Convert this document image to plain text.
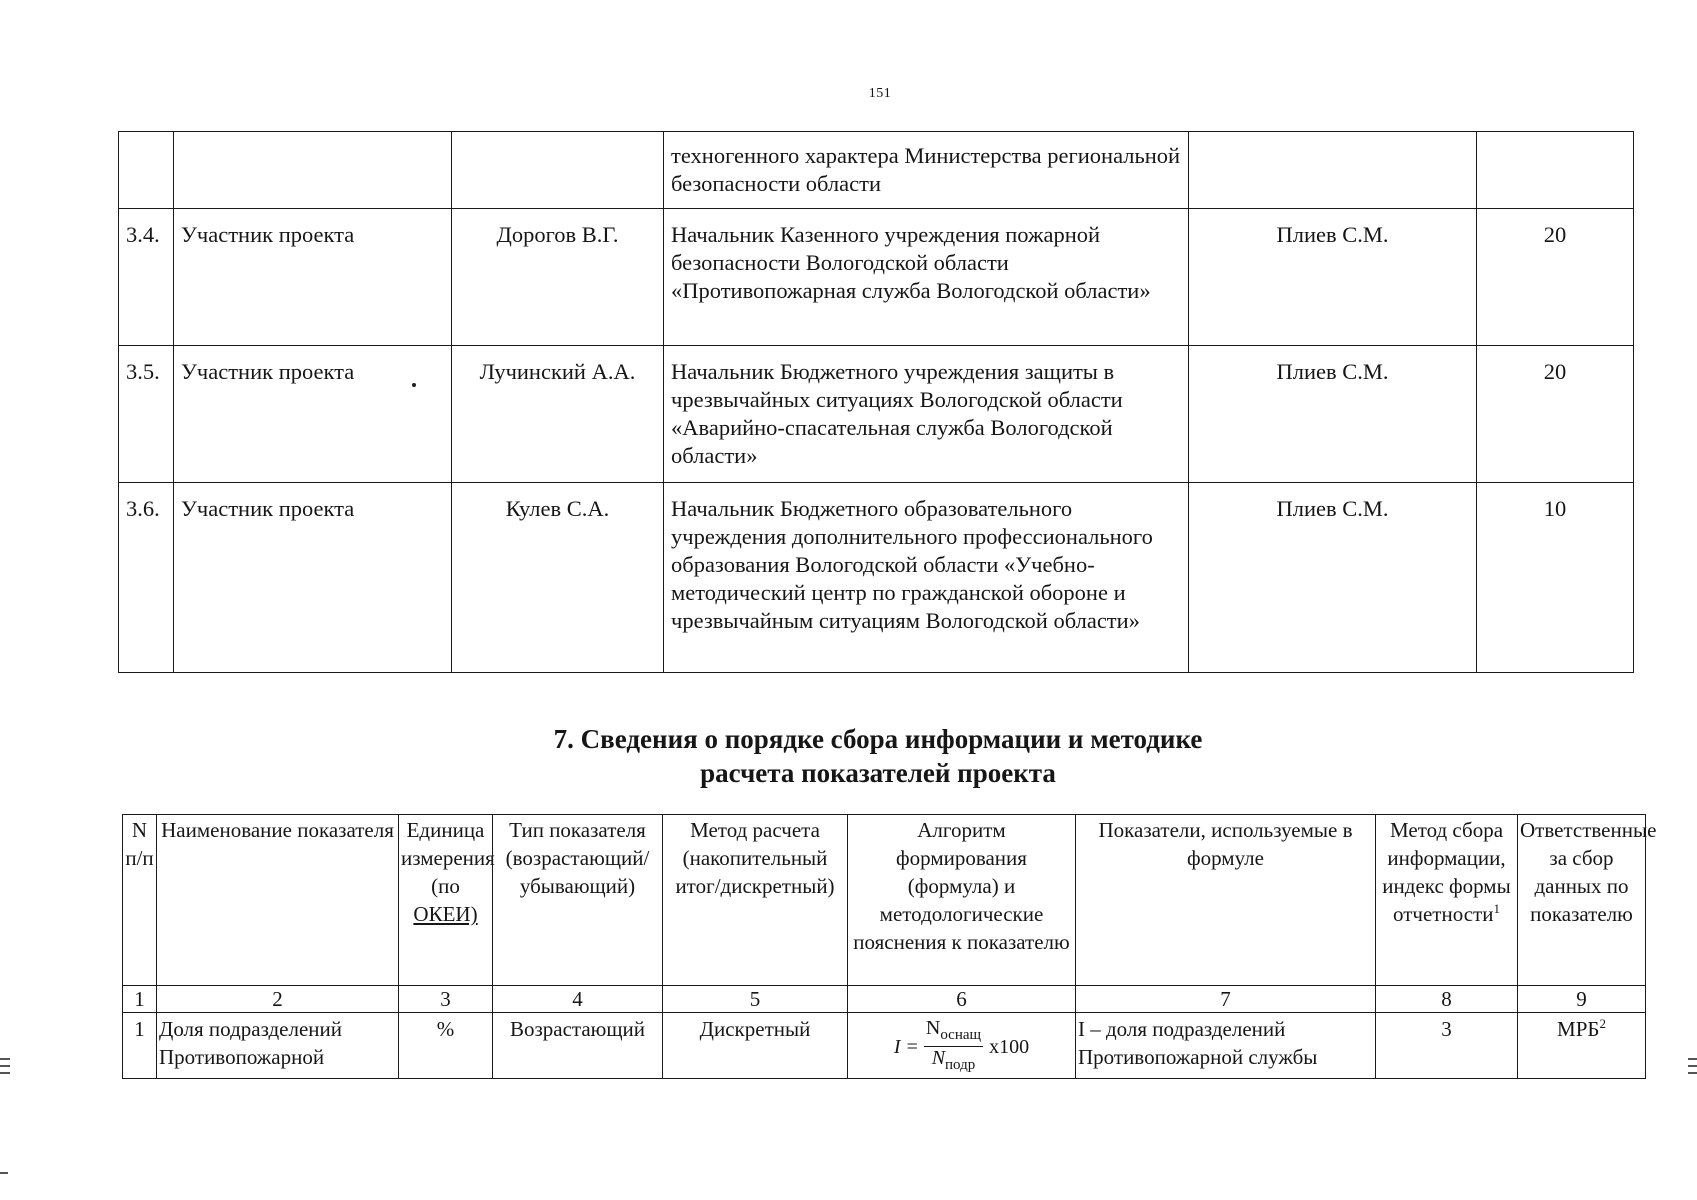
151
			техногенного характера Министерства региональной безопасности области		
3.4.	Участник проекта	Дорогов В.Г.	Начальник Казенного учреждения пожарной безопасности Вологодской области «Противопожарная служба Вологодской области»	Плиев С.М.	20
3.5.	Участник проекта	Лучинский А.А.	Начальник Бюджетного учреждения защиты в чрезвычайных ситуациях Вологодской области «Аварийно-спасательная служба Вологодской области»	Плиев С.М.	20
3.6.	Участник проекта	Кулев С.А.	Начальник Бюджетного образовательного учреждения дополнительного профессионального образования Вологодской области «Учебно-методический центр по гражданской обороне и чрезвычайным ситуациям Вологодской области»	Плиев С.М.	10
7. Сведения о порядке сбора информации и методике
расчета показателей проекта
N п/п	Наименование показателя	Единица измерения (по ОКЕИ)	Тип показателя (возрастающий/ убывающий)	Метод расчета (накопительный итог/дискретный)	Алгоритм формирования (формула) и методологические пояснения к показателю	Показатели, используемые в формуле	Метод сбора информации, индекс формы отчетности$^1$	Ответственные за сбор данных по показателю
1	2	3	4	5	6	7	8	9
1	Доля подразделений Противопожарной	%	Возрастающий	Дискретный	$I = \frac{N_{оснащ}}{N_{подр}} x100$	I – доля подразделений Противопожарной службы	3	МРБ$^2$
